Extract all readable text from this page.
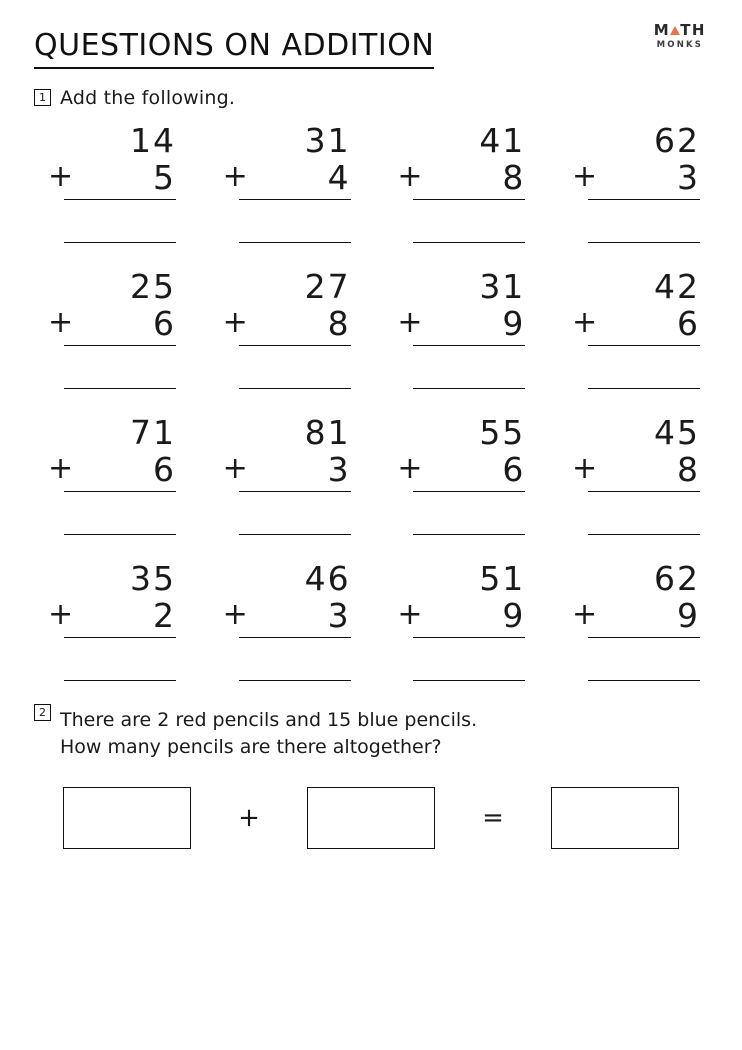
M TH
MONKS
QUESTIONS ON ADDITION
1 Add the following.
14
+ 5
31
+ 4
41
+ 8
62
+ 3
25
+ 6
27
+ 8
31
+ 9
42
+ 6
71
+ 6
81
+ 3
55
+ 6
45
+ 8
35
+ 2
46
+ 3
51
+ 9
62
+ 9
2 There are 2 red pencils and 15 blue pencils.
How many pencils are there altogether?
+	=
